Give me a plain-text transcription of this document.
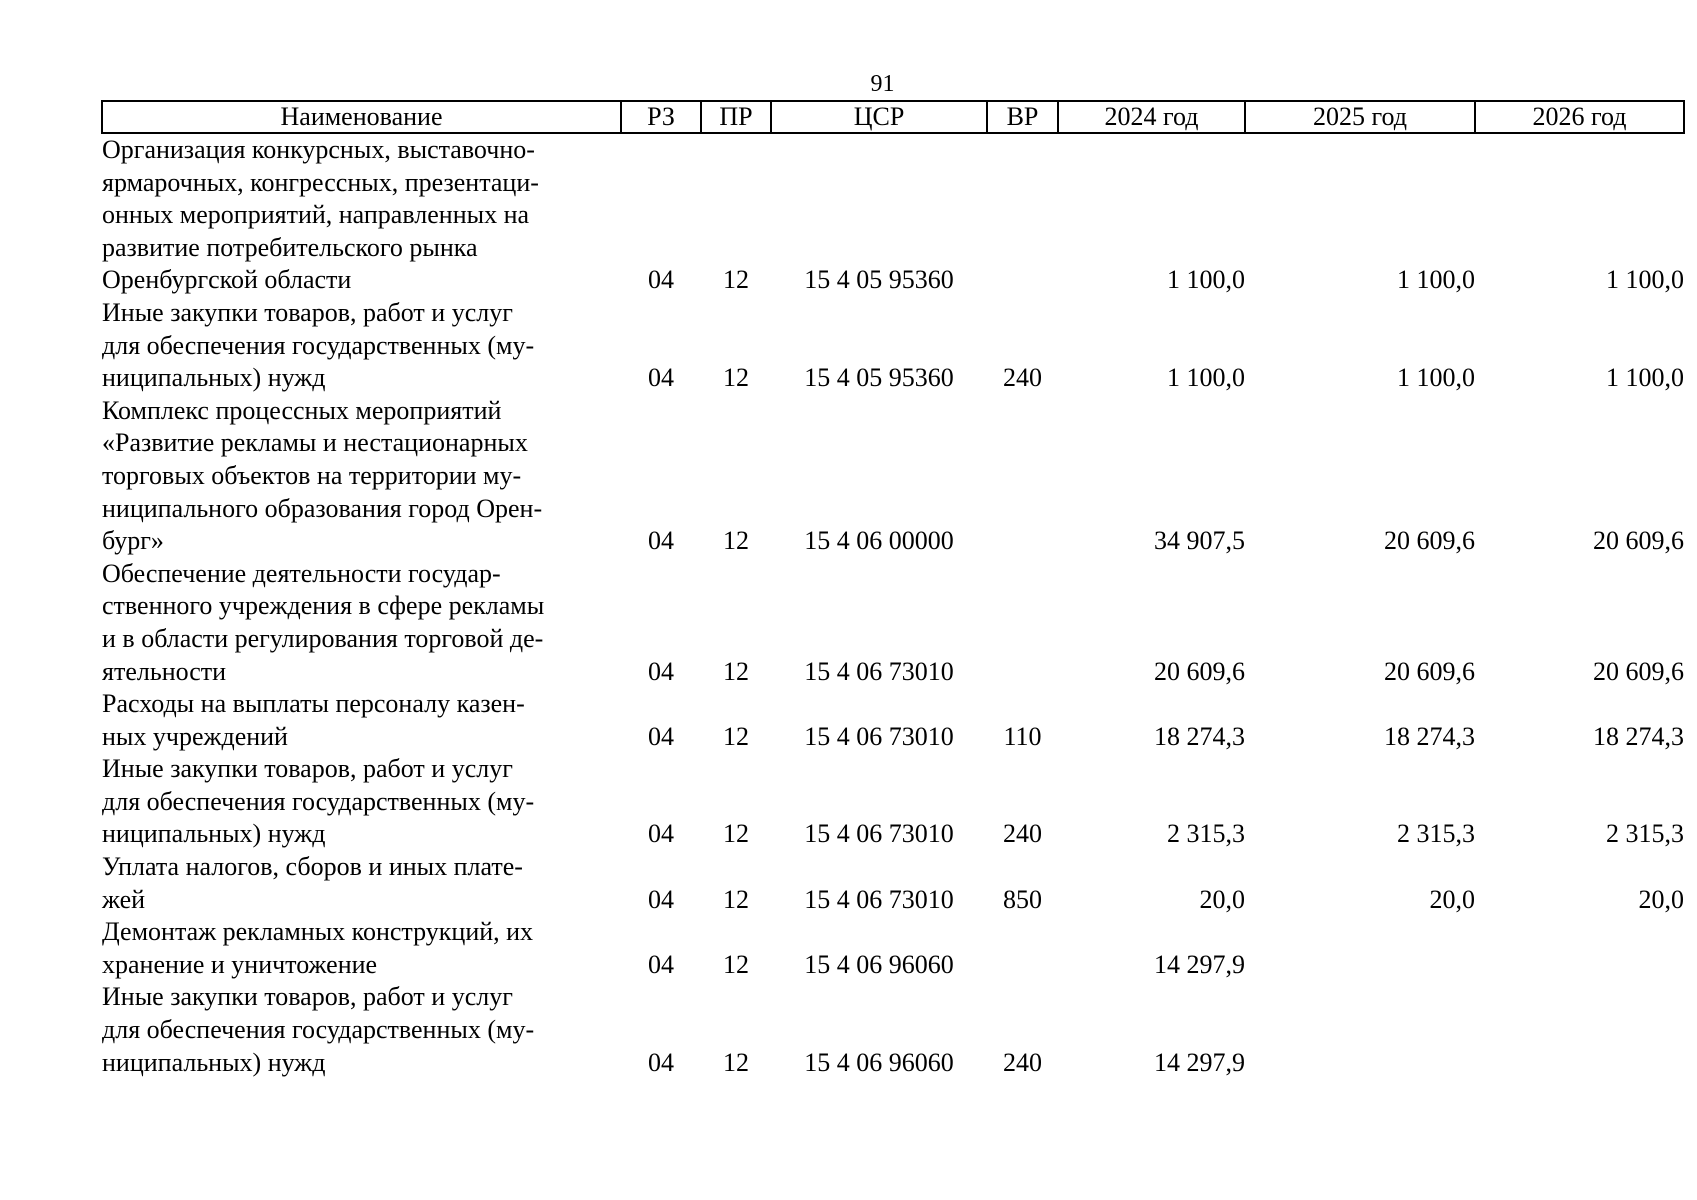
91
Наименование	РЗ	ПР	ЦСР	ВР	2024 год	2025 год	2026 год

Организация конкурсных, выставочно-
ярмарочных, конгрессных, презентаци-
онных мероприятий, направленных на
развитие потребительского рынка
Оренбургской области	04	12	15 4 05 95360		1 100,0	1 100,0	1 100,0

Иные закупки товаров, работ и услуг
для обеспечения государственных (му-
ниципальных) нужд	04	12	15 4 05 95360	240	1 100,0	1 100,0	1 100,0

Комплекс процессных мероприятий
«Развитие рекламы и нестационарных
торговых объектов на территории му-
ниципального образования город Орен-
бург»	04	12	15 4 06 00000		34 907,5	20 609,6	20 609,6

Обеспечение деятельности государ-
ственного учреждения в сфере рекламы
и в области регулирования торговой де-
ятельности	04	12	15 4 06 73010		20 609,6	20 609,6	20 609,6

Расходы на выплаты персоналу казен-
ных учреждений	04	12	15 4 06 73010	110	18 274,3	18 274,3	18 274,3

Иные закупки товаров, работ и услуг
для обеспечения государственных (му-
ниципальных) нужд	04	12	15 4 06 73010	240	2 315,3	2 315,3	2 315,3

Уплата налогов, сборов и иных плате-
жей	04	12	15 4 06 73010	850	20,0	20,0	20,0

Демонтаж рекламных конструкций, их
хранение и уничтожение	04	12	15 4 06 96060		14 297,9		

Иные закупки товаров, работ и услуг
для обеспечения государственных (му-
ниципальных) нужд	04	12	15 4 06 96060	240	14 297,9		
